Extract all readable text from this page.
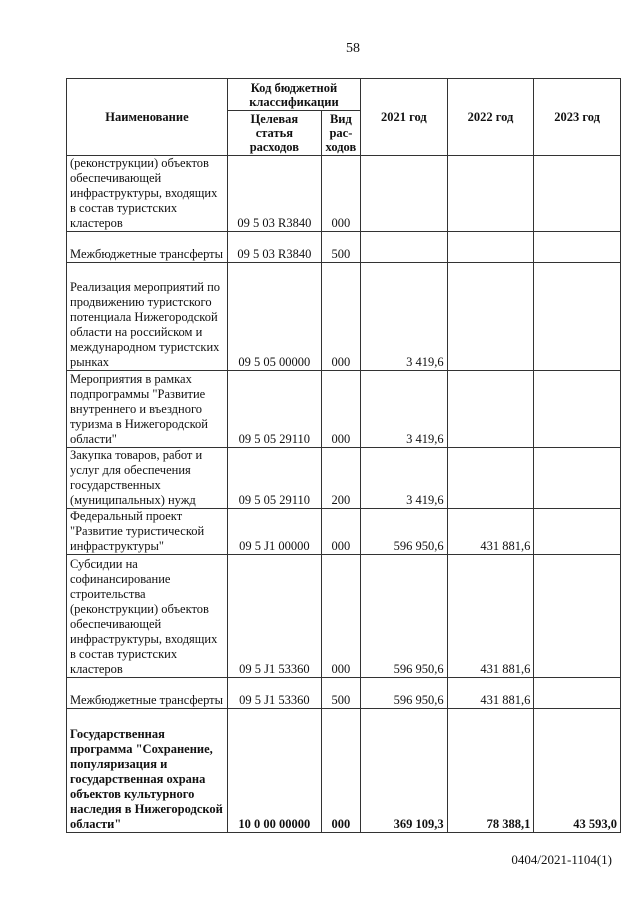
58
Наименование	Код бюджетной классификации		2021 год	2022 год	2023 год
	Целевая статья расходов	Вид рас-ходов			
(реконструкции) объектов обеспечивающей инфраструктуры, входящих в состав туристских кластеров	09 5 03 R3840	000			
Межбюджетные трансферты	09 5 03 R3840	500			
Реализация мероприятий по продвижению туристского потенциала Нижегородской области на российском и международном туристских рынках	09 5 05 00000	000	3 419,6		
Мероприятия в рамках подпрограммы "Развитие внутреннего и въездного туризма в Нижегородской области"	09 5 05 29110	000	3 419,6		
Закупка товаров, работ и услуг для обеспечения государственных (муниципальных) нужд	09 5 05 29110	200	3 419,6		
Федеральный проект "Развитие туристической инфраструктуры"	09 5 J1 00000	000	596 950,6	431 881,6	
Субсидии на софинансирование строительства (реконструкции) объектов обеспечивающей инфраструктуры, входящих в состав туристских кластеров	09 5 J1 53360	000	596 950,6	431 881,6	
Межбюджетные трансферты	09 5 J1 53360	500	596 950,6	431 881,6	
Государственная программа "Сохранение, популяризация и государственная охрана объектов культурного наследия в Нижегородской области"	10 0 00 00000	000	369 109,3	78 388,1	43 593,0
0404/2021-1104(1)
